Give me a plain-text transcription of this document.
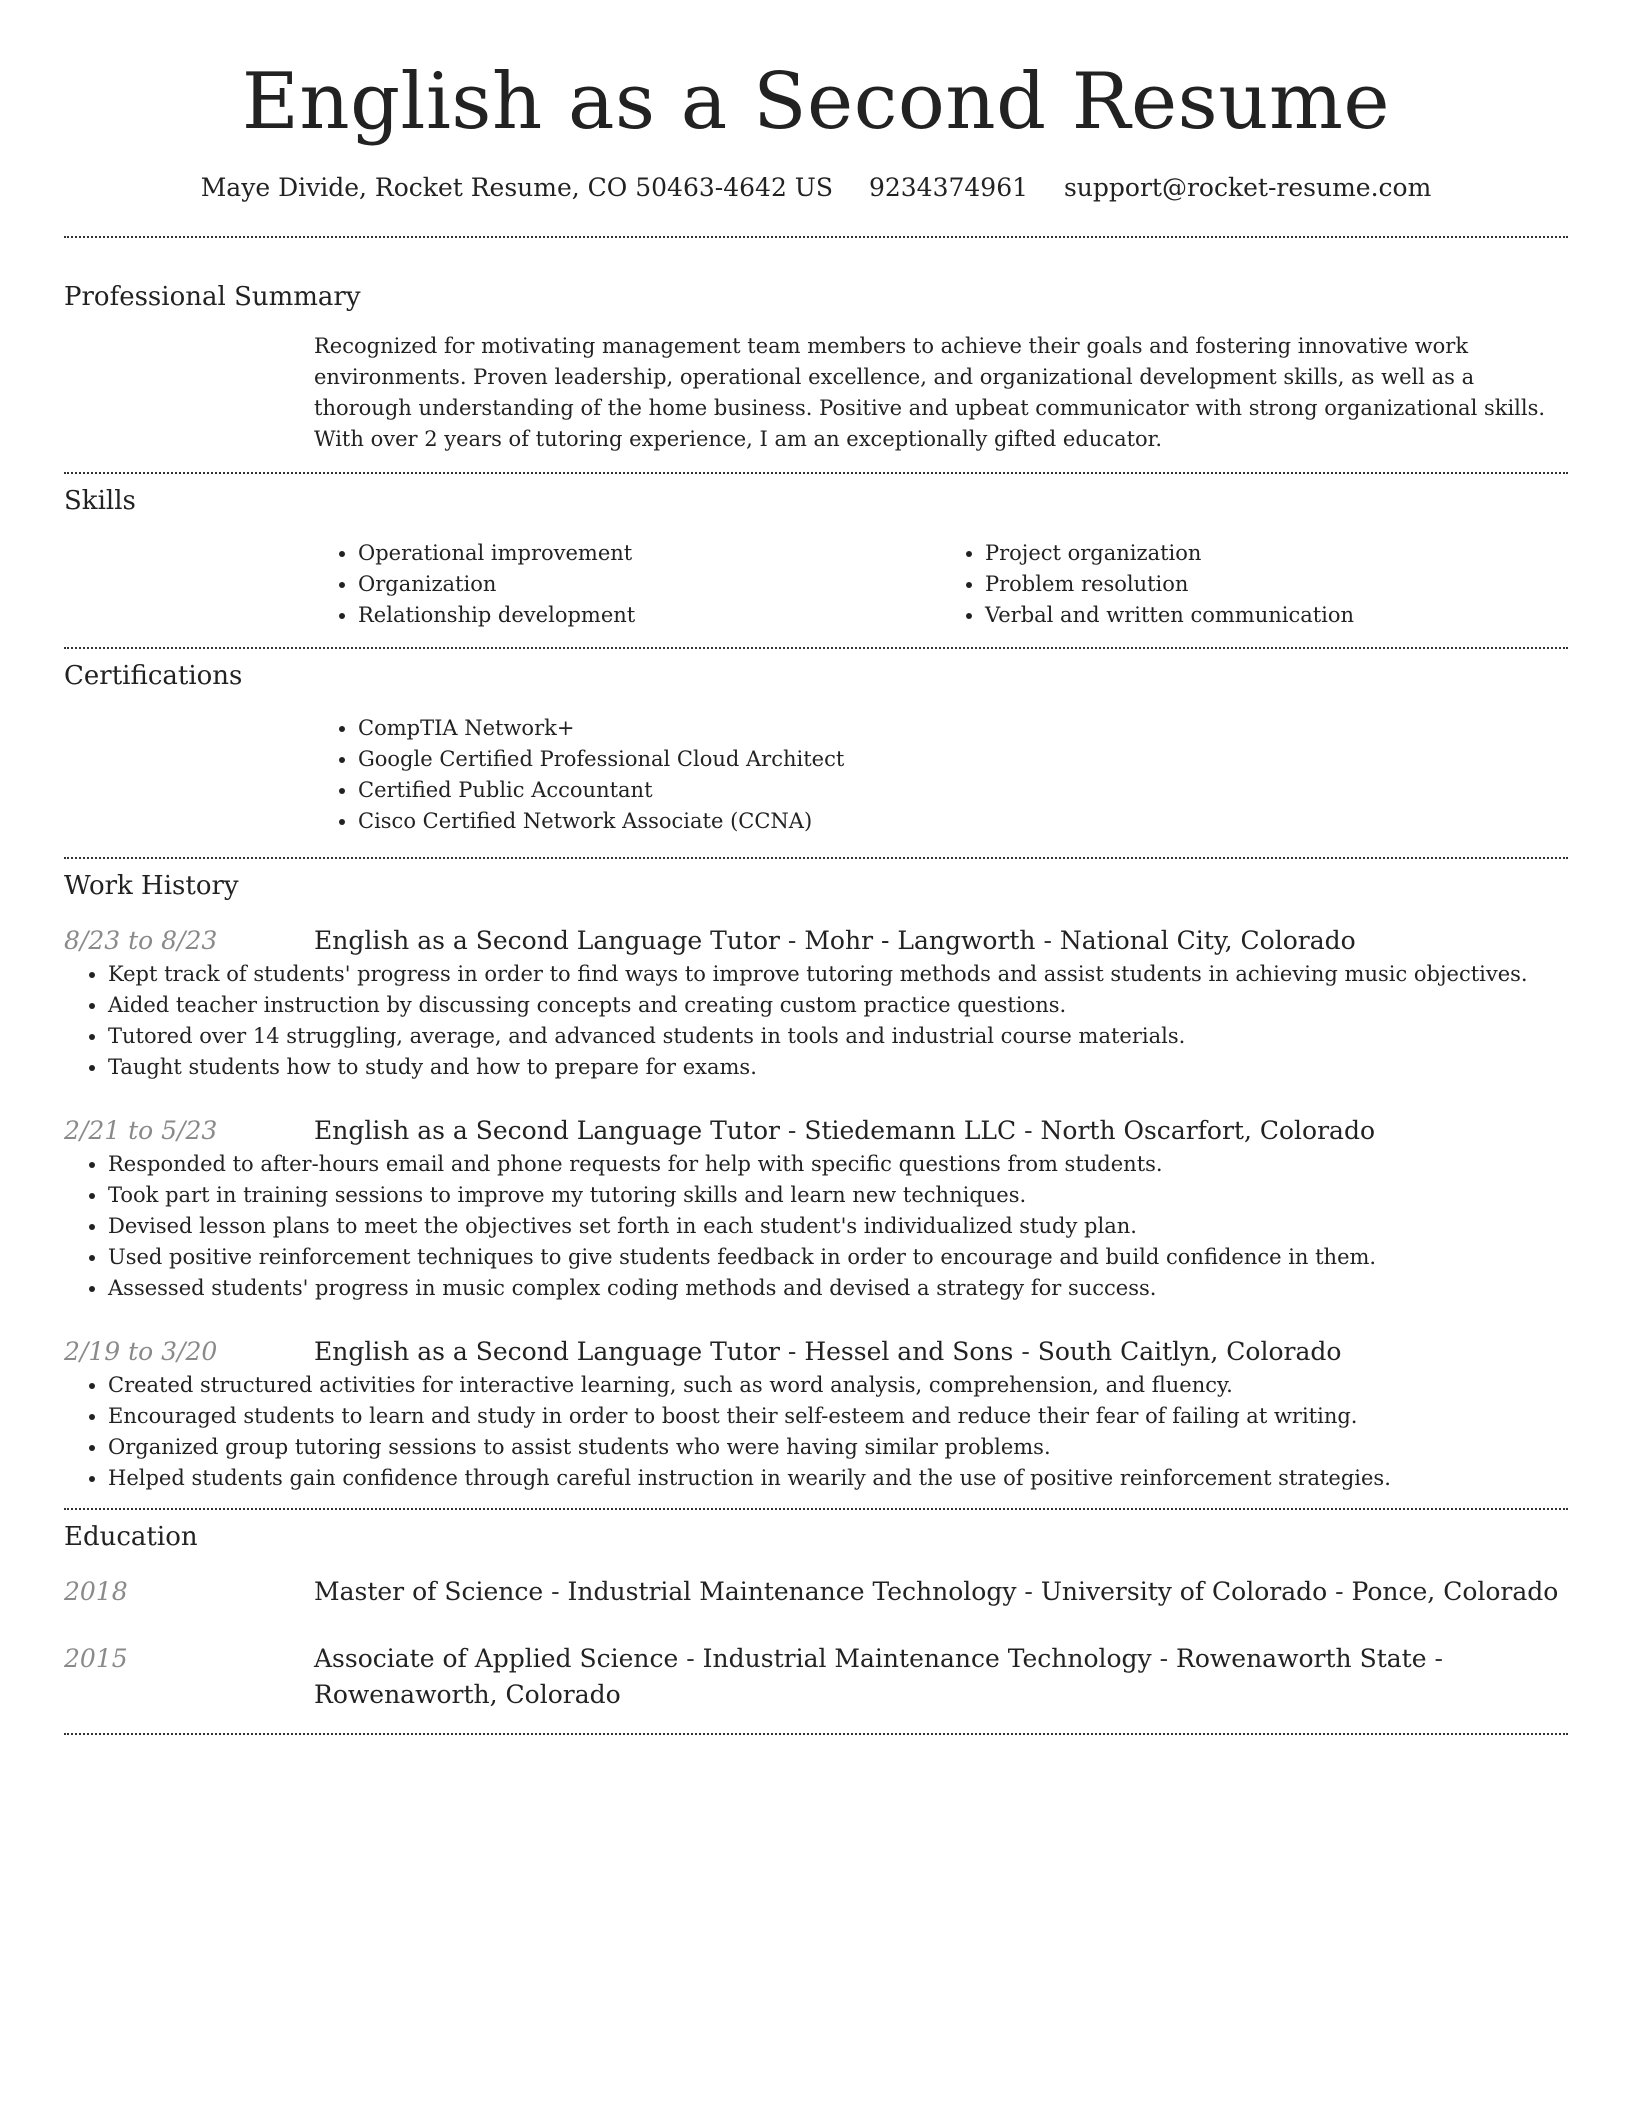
English as a Second Resume
Maye Divide, Rocket Resume, CO 50463-4642 US 9234374961 support@rocket-resume.com
Professional Summary
Recognized for motivating management team members to achieve their goals and fostering innovative work environments. Proven leadership, operational excellence, and organizational development skills, as well as a thorough understanding of the home business. Positive and upbeat communicator with strong organizational skills. With over 2 years of tutoring experience, I am an exceptionally gifted educator.
Skills
• Operational improvement
• Organization
• Relationship development
• Project organization
• Problem resolution
• Verbal and written communication
Certifications
• CompTIA Network+
• Google Certified Professional Cloud Architect
• Certified Public Accountant
• Cisco Certified Network Associate (CCNA)
Work History
8/23 to 8/23	English as a Second Language Tutor - Mohr - Langworth - National City, Colorado
• Kept track of students' progress in order to find ways to improve tutoring methods and assist students in achieving music objectives.
• Aided teacher instruction by discussing concepts and creating custom practice questions.
• Tutored over 14 struggling, average, and advanced students in tools and industrial course materials.
• Taught students how to study and how to prepare for exams.
2/21 to 5/23	English as a Second Language Tutor - Stiedemann LLC - North Oscarfort, Colorado
• Responded to after-hours email and phone requests for help with specific questions from students.
• Took part in training sessions to improve my tutoring skills and learn new techniques.
• Devised lesson plans to meet the objectives set forth in each student's individualized study plan.
• Used positive reinforcement techniques to give students feedback in order to encourage and build confidence in them.
• Assessed students' progress in music complex coding methods and devised a strategy for success.
2/19 to 3/20	English as a Second Language Tutor - Hessel and Sons - South Caitlyn, Colorado
• Created structured activities for interactive learning, such as word analysis, comprehension, and fluency.
• Encouraged students to learn and study in order to boost their self-esteem and reduce their fear of failing at writing.
• Organized group tutoring sessions to assist students who were having similar problems.
• Helped students gain confidence through careful instruction in wearily and the use of positive reinforcement strategies.
Education
2018	Master of Science - Industrial Maintenance Technology - University of Colorado - Ponce, Colorado
2015	Associate of Applied Science - Industrial Maintenance Technology - Rowenaworth State - Rowenaworth, Colorado
